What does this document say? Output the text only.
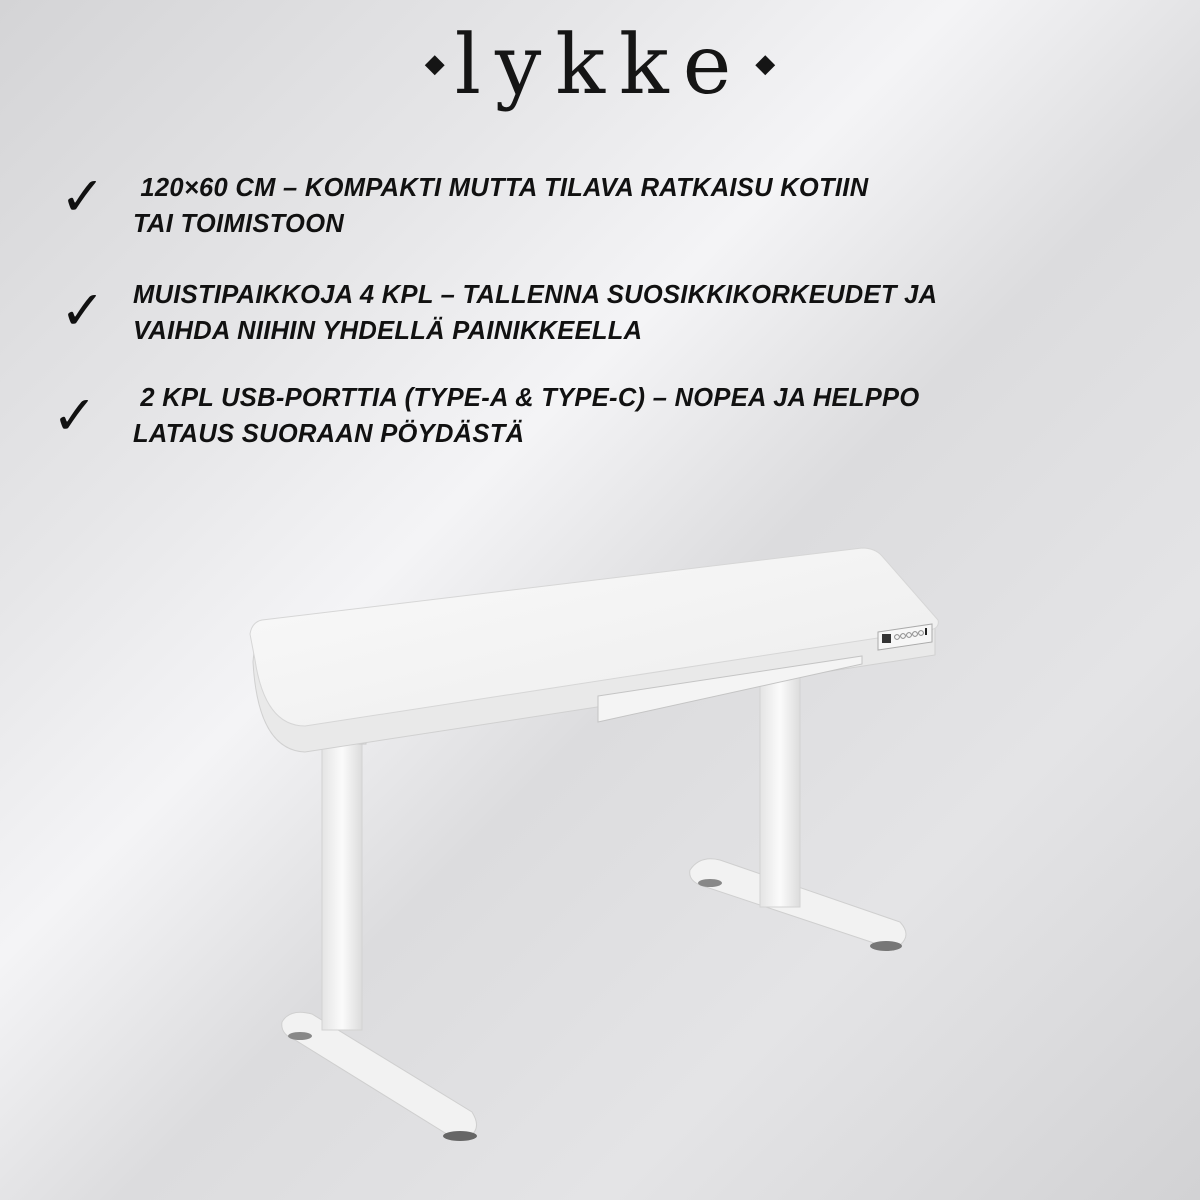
◆ lykke ◆
✓ 120×60 CM – KOMPAKTI MUTTA TILAVA RATKAISU KOTIIN
TAI TOIMISTOON
✓ MUISTIPAIKKOJA 4 KPL – TALLENNA SUOSIKKIKORKEUDET JA
VAIHDA NIIHIN YHDELLÄ PAINIKKEELLA
✓ 2 KPL USB-PORTTIA (TYPE-A & TYPE-C) – NOPEA JA HELPPO
LATAUS SUORAAN PÖYDÄSTÄ
